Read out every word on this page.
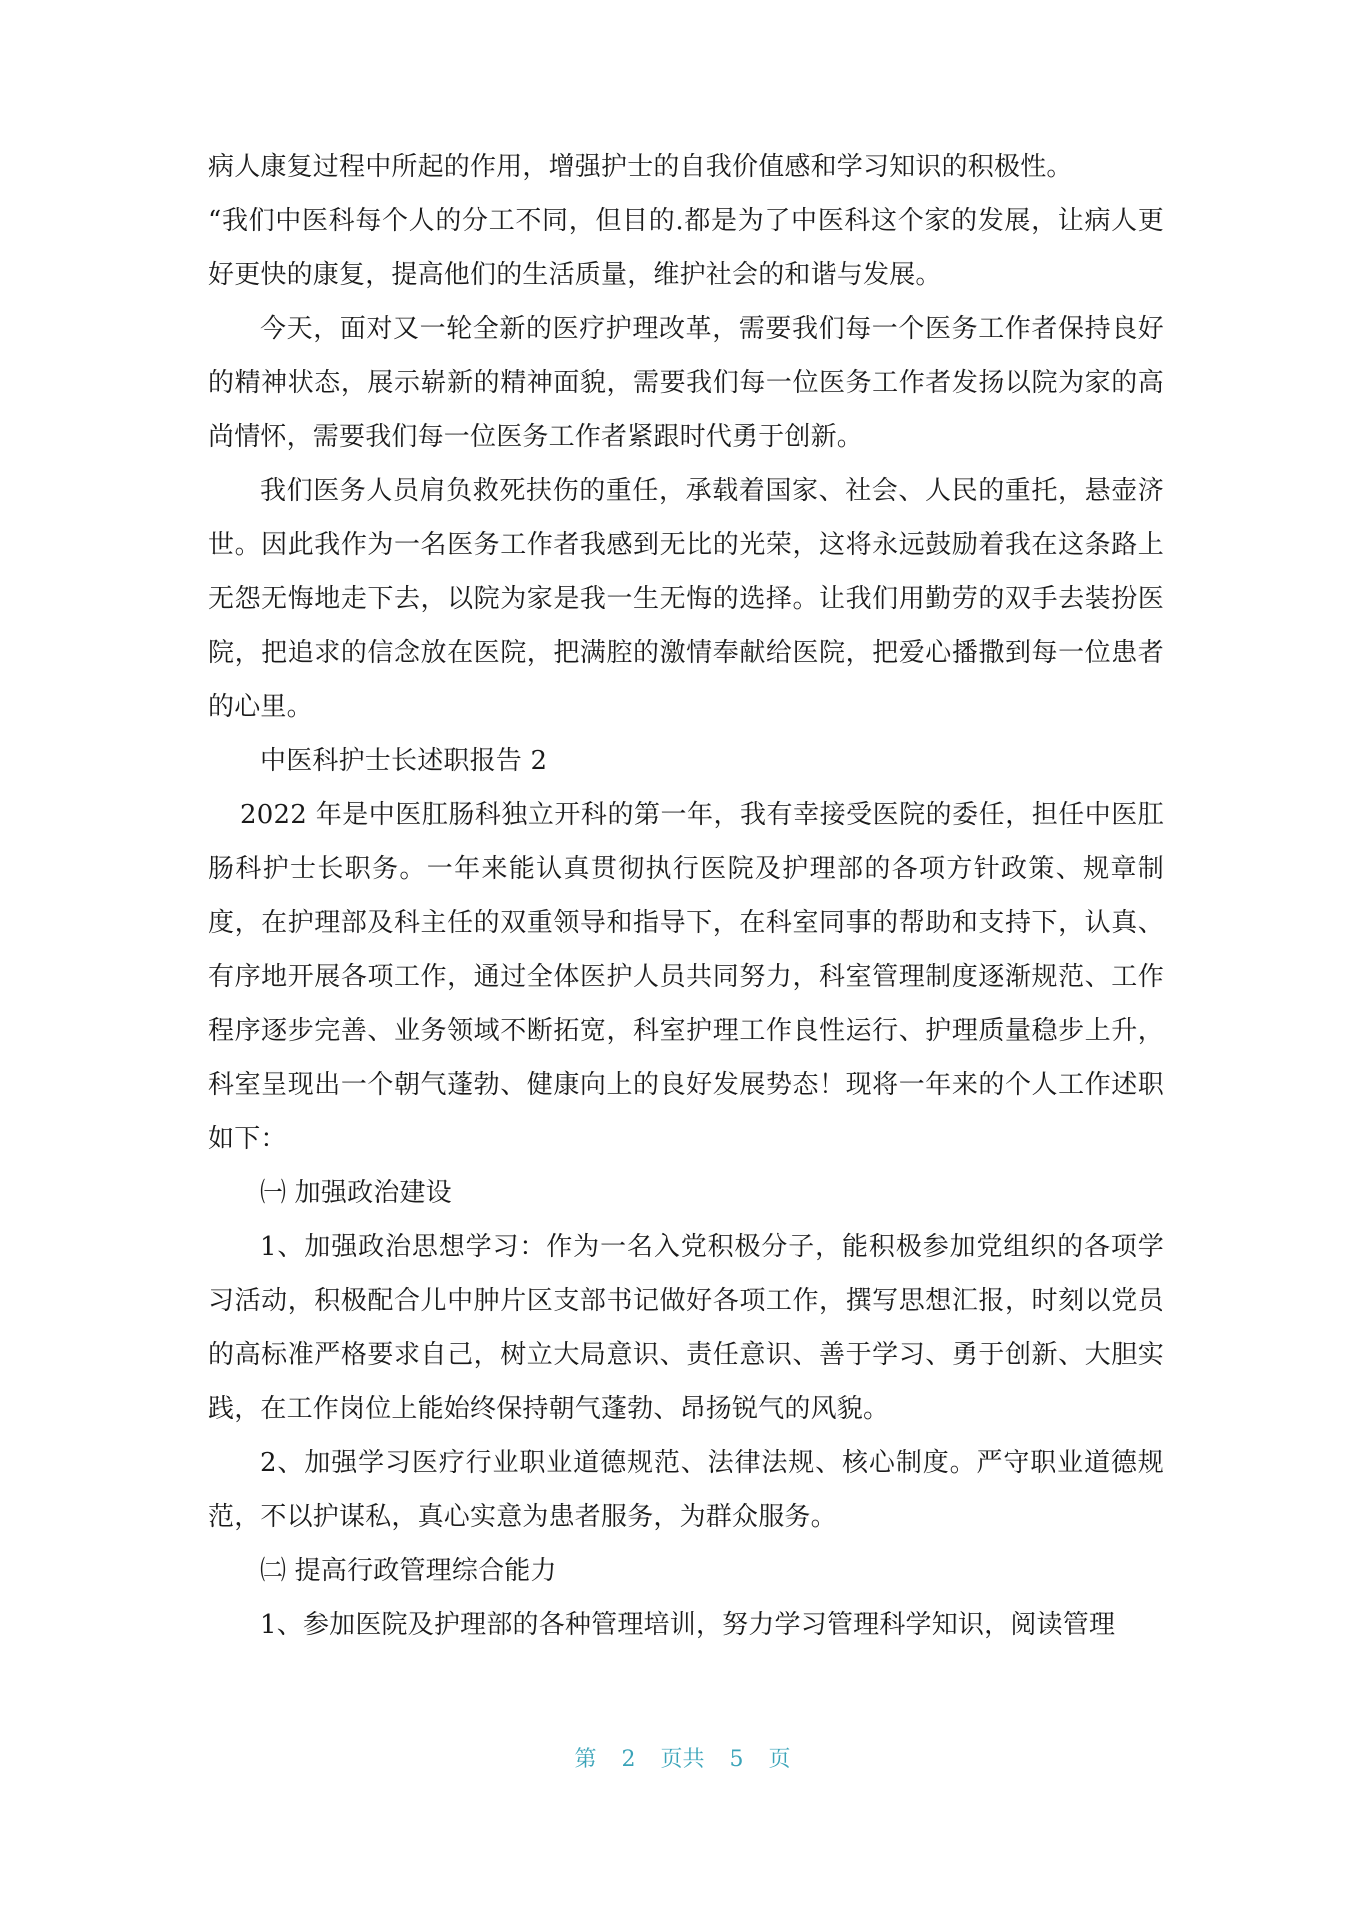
病人康复过程中所起的作用，增强护士的自我价值感和学习知识的积极性。

“我们中医科每个人的分工不同，但目的.都是为了中医科这个家的发展，让病人更好更快的康复，提高他们的生活质量，维护社会的和谐与发展。

今天，面对又一轮全新的医疗护理改革，需要我们每一个医务工作者保持良好的精神状态，展示崭新的精神面貌，需要我们每一位医务工作者发扬以院为家的高尚情怀，需要我们每一位医务工作者紧跟时代勇于创新。

我们医务人员肩负救死扶伤的重任，承载着国家、社会、人民的重托，悬壶济世。因此我作为一名医务工作者我感到无比的光荣，这将永远鼓励着我在这条路上无怨无悔地走下去，以院为家是我一生无悔的选择。让我们用勤劳的双手去装扮医院，把追求的信念放在医院，把满腔的激情奉献给医院，把爱心播撒到每一位患者的心里。

中医科护士长述职报告 2

2022 年是中医肛肠科独立开科的第一年，我有幸接受医院的委任，担任中医肛肠科护士长职务。一年来能认真贯彻执行医院及护理部的各项方针政策、规章制度，在护理部及科主任的双重领导和指导下，在科室同事的帮助和支持下，认真、有序地开展各项工作，通过全体医护人员共同努力，科室管理制度逐渐规范、工作程序逐步完善、业务领域不断拓宽，科室护理工作良性运行、护理质量稳步上升，科室呈现出一个朝气蓬勃、健康向上的良好发展势态！现将一年来的个人工作述职如下：

㈠ 加强政治建设

1、加强政治思想学习：作为一名入党积极分子，能积极参加党组织的各项学习活动，积极配合儿中肿片区支部书记做好各项工作，撰写思想汇报，时刻以党员的高标准严格要求自己，树立大局意识、责任意识、善于学习、勇于创新、大胆实践，在工作岗位上能始终保持朝气蓬勃、昂扬锐气的风貌。

2、加强学习医疗行业职业道德规范、法律法规、核心制度。严守职业道德规范，不以护谋私，真心实意为患者服务，为群众服务。

㈡ 提高行政管理综合能力

1、参加医院及护理部的各种管理培训，努力学习管理科学知识，阅读管理

第 2 页共 5 页
